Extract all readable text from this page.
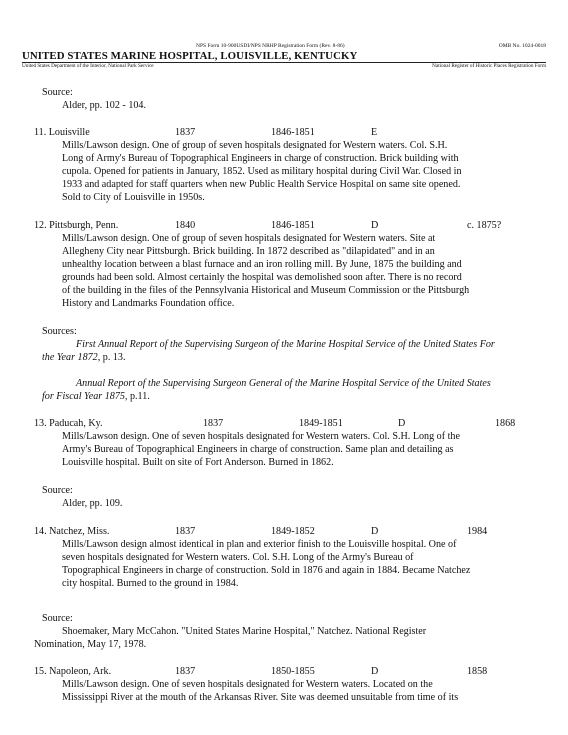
NPS Form 10-900USDI/NPS NRHP Registration Form (Rev. 8-86)	OMB No. 1024-0018
UNITED STATES MARINE HOSPITAL, LOUISVILLE, KENTUCKY
United States Department of the Interior, National Park Service	National Register of Historic Places Registration Form
Source:
Alder, pp. 102 - 104.
11. Louisville	1837	1846-1851	E
Mills/Lawson design. One of group of seven hospitals designated for Western waters. Col. S.H.
Long of Army's Bureau of Topographical Engineers in charge of construction. Brick building with
cupola. Opened for patients in January, 1852. Used as military hospital during Civil War. Closed in
1933 and adapted for staff quarters when new Public Health Service Hospital on same site opened.
Sold to City of Louisville in 1950s.
12. Pittsburgh, Penn.	1840	1846-1851	D	c. 1875?
Mills/Lawson design. One of group of seven hospitals designated for Western waters. Site at
Allegheny City near Pittsburgh. Brick building. In 1872 described as "dilapidated" and in an
unhealthy location between a blast furnace and an iron rolling mill. By June, 1875 the building and
grounds had been sold. Almost certainly the hospital was demolished soon after. There is no record
of the building in the files of the Pennsylvania Historical and Museum Commission or the Pittsburgh
History and Landmarks Foundation office.
Sources:
First Annual Report of the Supervising Surgeon of the Marine Hospital Service of the United States For
the Year 1872, p. 13.
Annual Report of the Supervising Surgeon General of the Marine Hospital Service of the United States
for Fiscal Year 1875, p.11.
13. Paducah, Ky.	1837	1849-1851	D	1868
Mills/Lawson design. One of seven hospitals designated for Western waters. Col. S.H. Long of the
Army's Bureau of Topographical Engineers in charge of construction. Same plan and detailing as
Louisville hospital. Built on site of Fort Anderson. Burned in 1862.
Source:
Alder, pp. 109.
14. Natchez, Miss.	1837	1849-1852	D	1984
Mills/Lawson design almost identical in plan and exterior finish to the Louisville hospital. One of
seven hospitals designated for Western waters. Col. S.H. Long of the Army's Bureau of
Topographical Engineers in charge of construction. Sold in 1876 and again in 1884. Became Natchez
city hospital. Burned to the ground in 1984.
Source:
Shoemaker, Mary McCahon. "United States Marine Hospital," Natchez. National Register
Nomination, May 17, 1978.
15. Napoleon, Ark.	1837	1850-1855	D	1858
Mills/Lawson design. One of seven hospitals designated for Western waters. Located on the
Mississippi River at the mouth of the Arkansas River. Site was deemed unsuitable from time of its
